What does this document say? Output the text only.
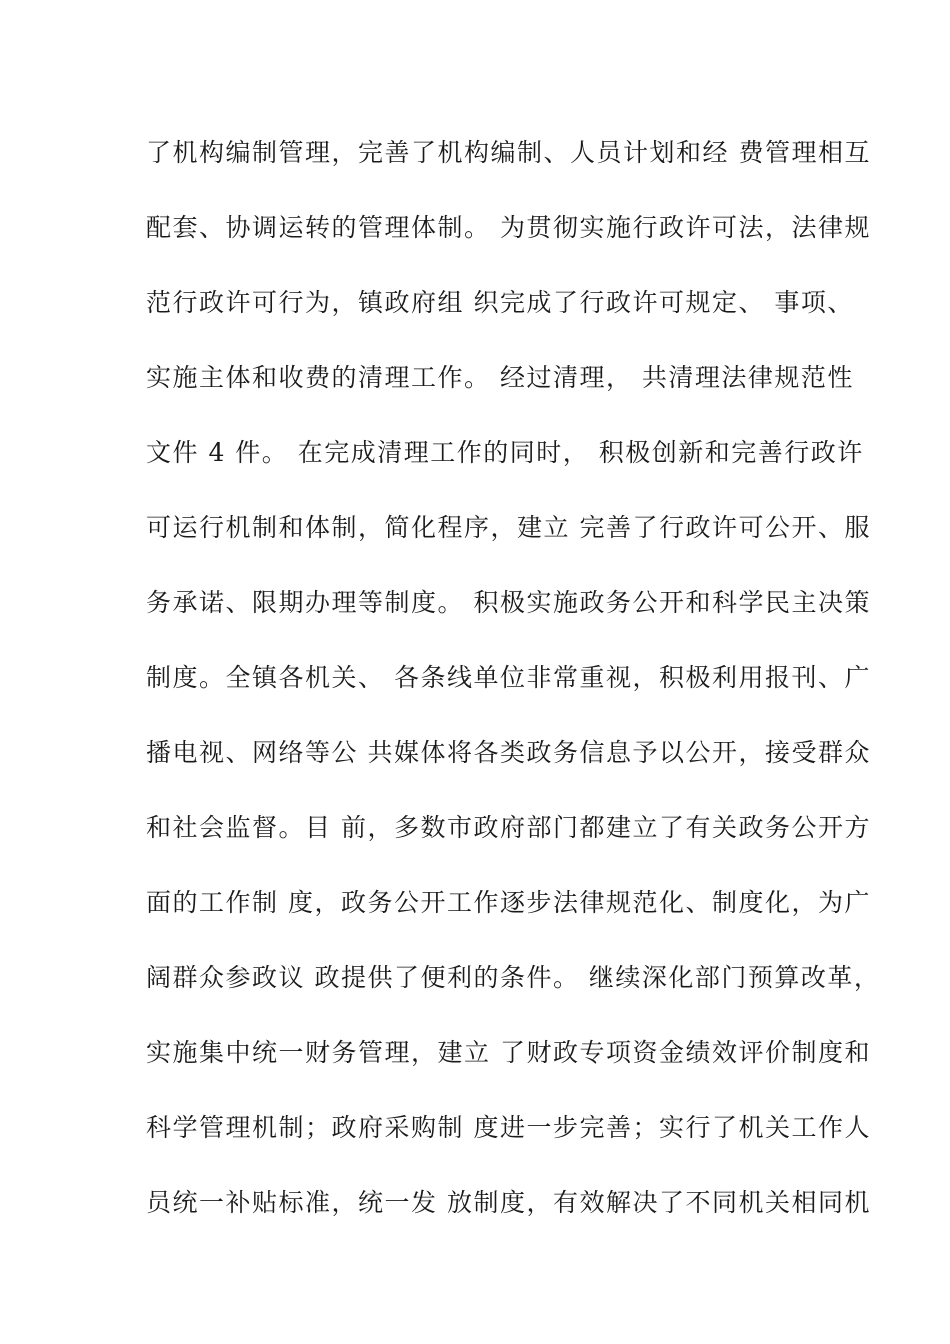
了机构编制管理，完善了机构编制、人员计划和经 费管理相互
配套、协调运转的管理体制。 为贯彻实施行政许可法，法律规
范行政许可行为，镇政府组 织完成了行政许可规定、 事项、
实施主体和收费的清理工作。 经过清理， 共清理法律规范性
文件 4 件。 在完成清理工作的同时， 积极创新和完善行政许
可运行机制和体制，简化程序，建立 完善了行政许可公开、服
务承诺、限期办理等制度。 积极实施政务公开和科学民主决策
制度。全镇各机关、 各条线单位非常重视，积极利用报刊、广
播电视、网络等公 共媒体将各类政务信息予以公开，接受群众
和社会监督。目 前，多数市政府部门都建立了有关政务公开方
面的工作制 度，政务公开工作逐步法律规范化、制度化，为广
阔群众参政议 政提供了便利的条件。 继续深化部门预算改革，
实施集中统一财务管理，建立 了财政专项资金绩效评价制度和
科学管理机制；政府采购制 度进一步完善；实行了机关工作人
员统一补贴标准，统一发 放制度，有效解决了不同机关相同机
